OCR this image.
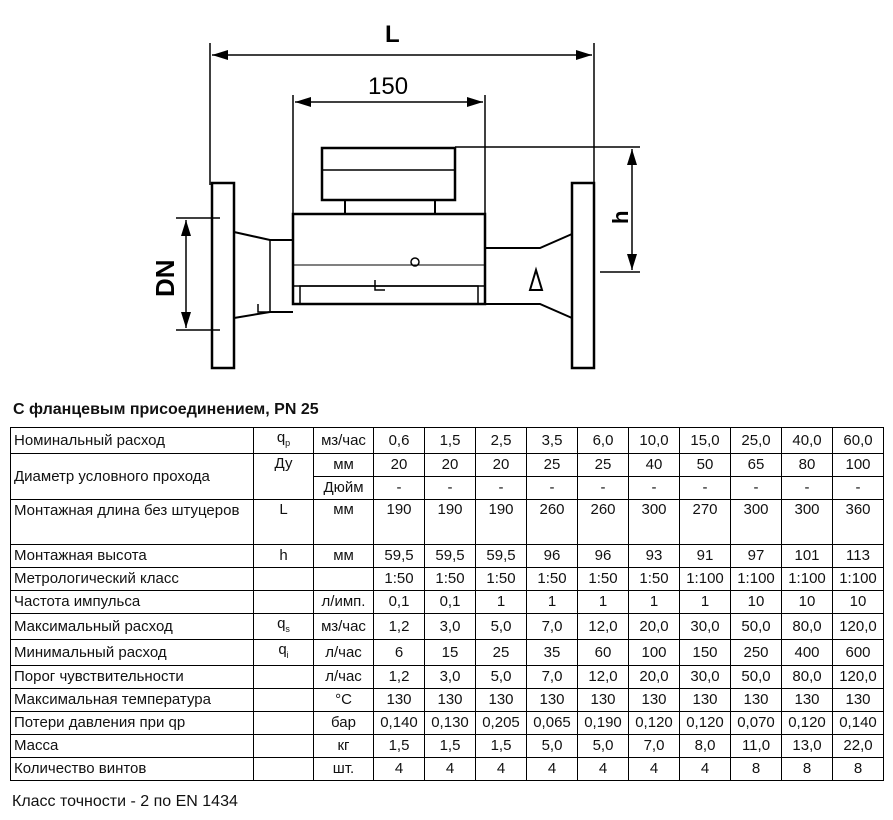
L
150
h
DN
С фланцевым присоединением, PN 25
Номинальный расход	$q_p$	мз/час	0,6	1,5	2,5	3,5	6,0	10,0	15,0	25,0	40,0	60,0
Диаметр условного прохода	Ду	мм	20	20	20	25	25	40	50	65	80	100
		Дюйм	-	-	-	-	-	-	-	-	-	-
Монтажная длина без штуцеров	L	мм	190	190	190	260	260	300	270	300	300	360
Монтажная высота	h	мм	59,5	59,5	59,5	96	96	93	91	97	101	113
Метрологический класс			1:50	1:50	1:50	1:50	1:50	1:50	1:100	1:100	1:100	1:100
Частота импульса		л/имп.	0,1	0,1	1	1	1	1	1	10	10	10
Максимальный расход	$q_s$	мз/час	1,2	3,0	5,0	7,0	12,0	20,0	30,0	50,0	80,0	120,0
Минимальный расход	$q_i$	л/час	6	15	25	35	60	100	150	250	400	600
Порог чувствительности		л/час	1,2	3,0	5,0	7,0	12,0	20,0	30,0	50,0	80,0	120,0
Максимальная температура		°С	130	130	130	130	130	130	130	130	130	130
Потери давления при qр		бар	0,140	0,130	0,205	0,065	0,190	0,120	0,120	0,070	0,120	0,140
Масса		кг	1,5	1,5	1,5	5,0	5,0	7,0	8,0	11,0	13,0	22,0
Количество винтов		шт.	4	4	4	4	4	4	4	8	8	8
Класс точности - 2 по EN 1434
